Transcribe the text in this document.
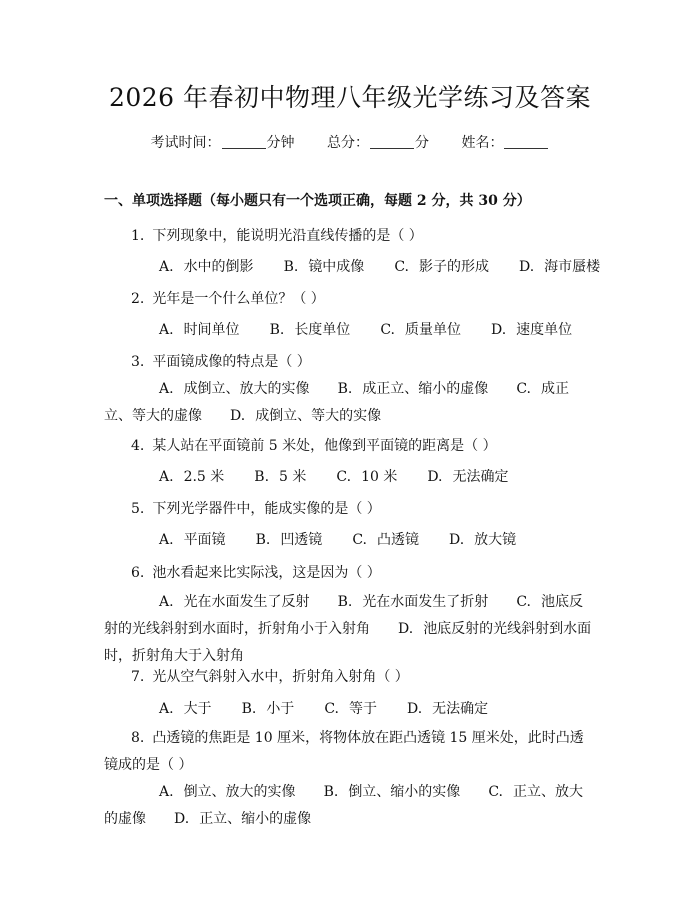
2026 年春初中物理八年级光学练习及答案
考试时间：	分钟 总分：	分 姓名：
一、单项选择题（每小题只有一个选项正确，每题 2 分，共 30 分）
1. 下列现象中，能说明光沿直线传播的是（ ）
A. 水中的倒影 B. 镜中成像 C. 影子的形成 D. 海市蜃楼
2. 光年是一个什么单位？（ ）
A. 时间单位 B. 长度单位 C. 质量单位 D. 速度单位
3. 平面镜成像的特点是（ ）
A. 成倒立、放大的实像 B. 成正立、缩小的虚像 C. 成正立、等大的虚像 D. 成倒立、等大的实像
4. 某人站在平面镜前 5 米处，他像到平面镜的距离是（ ）
A. 2.5 米 B. 5 米 C. 10 米 D. 无法确定
5. 下列光学器件中，能成实像的是（ ）
A. 平面镜 B. 凹透镜 C. 凸透镜 D. 放大镜
6. 池水看起来比实际浅，这是因为（ ）
A. 光在水面发生了反射 B. 光在水面发生了折射 C. 池底反射的光线斜射到水面时，折射角小于入射角 D. 池底反射的光线斜射到水面时，折射角大于入射角
7. 光从空气斜射入水中，折射角入射角（ ）
A. 大于 B. 小于 C. 等于 D. 无法确定
8. 凸透镜的焦距是 10 厘米，将物体放在距凸透镜 15 厘米处，此时凸透镜成的是（ ）
A. 倒立、放大的实像 B. 倒立、缩小的实像 C. 正立、放大的虚像 D. 正立、缩小的虚像
